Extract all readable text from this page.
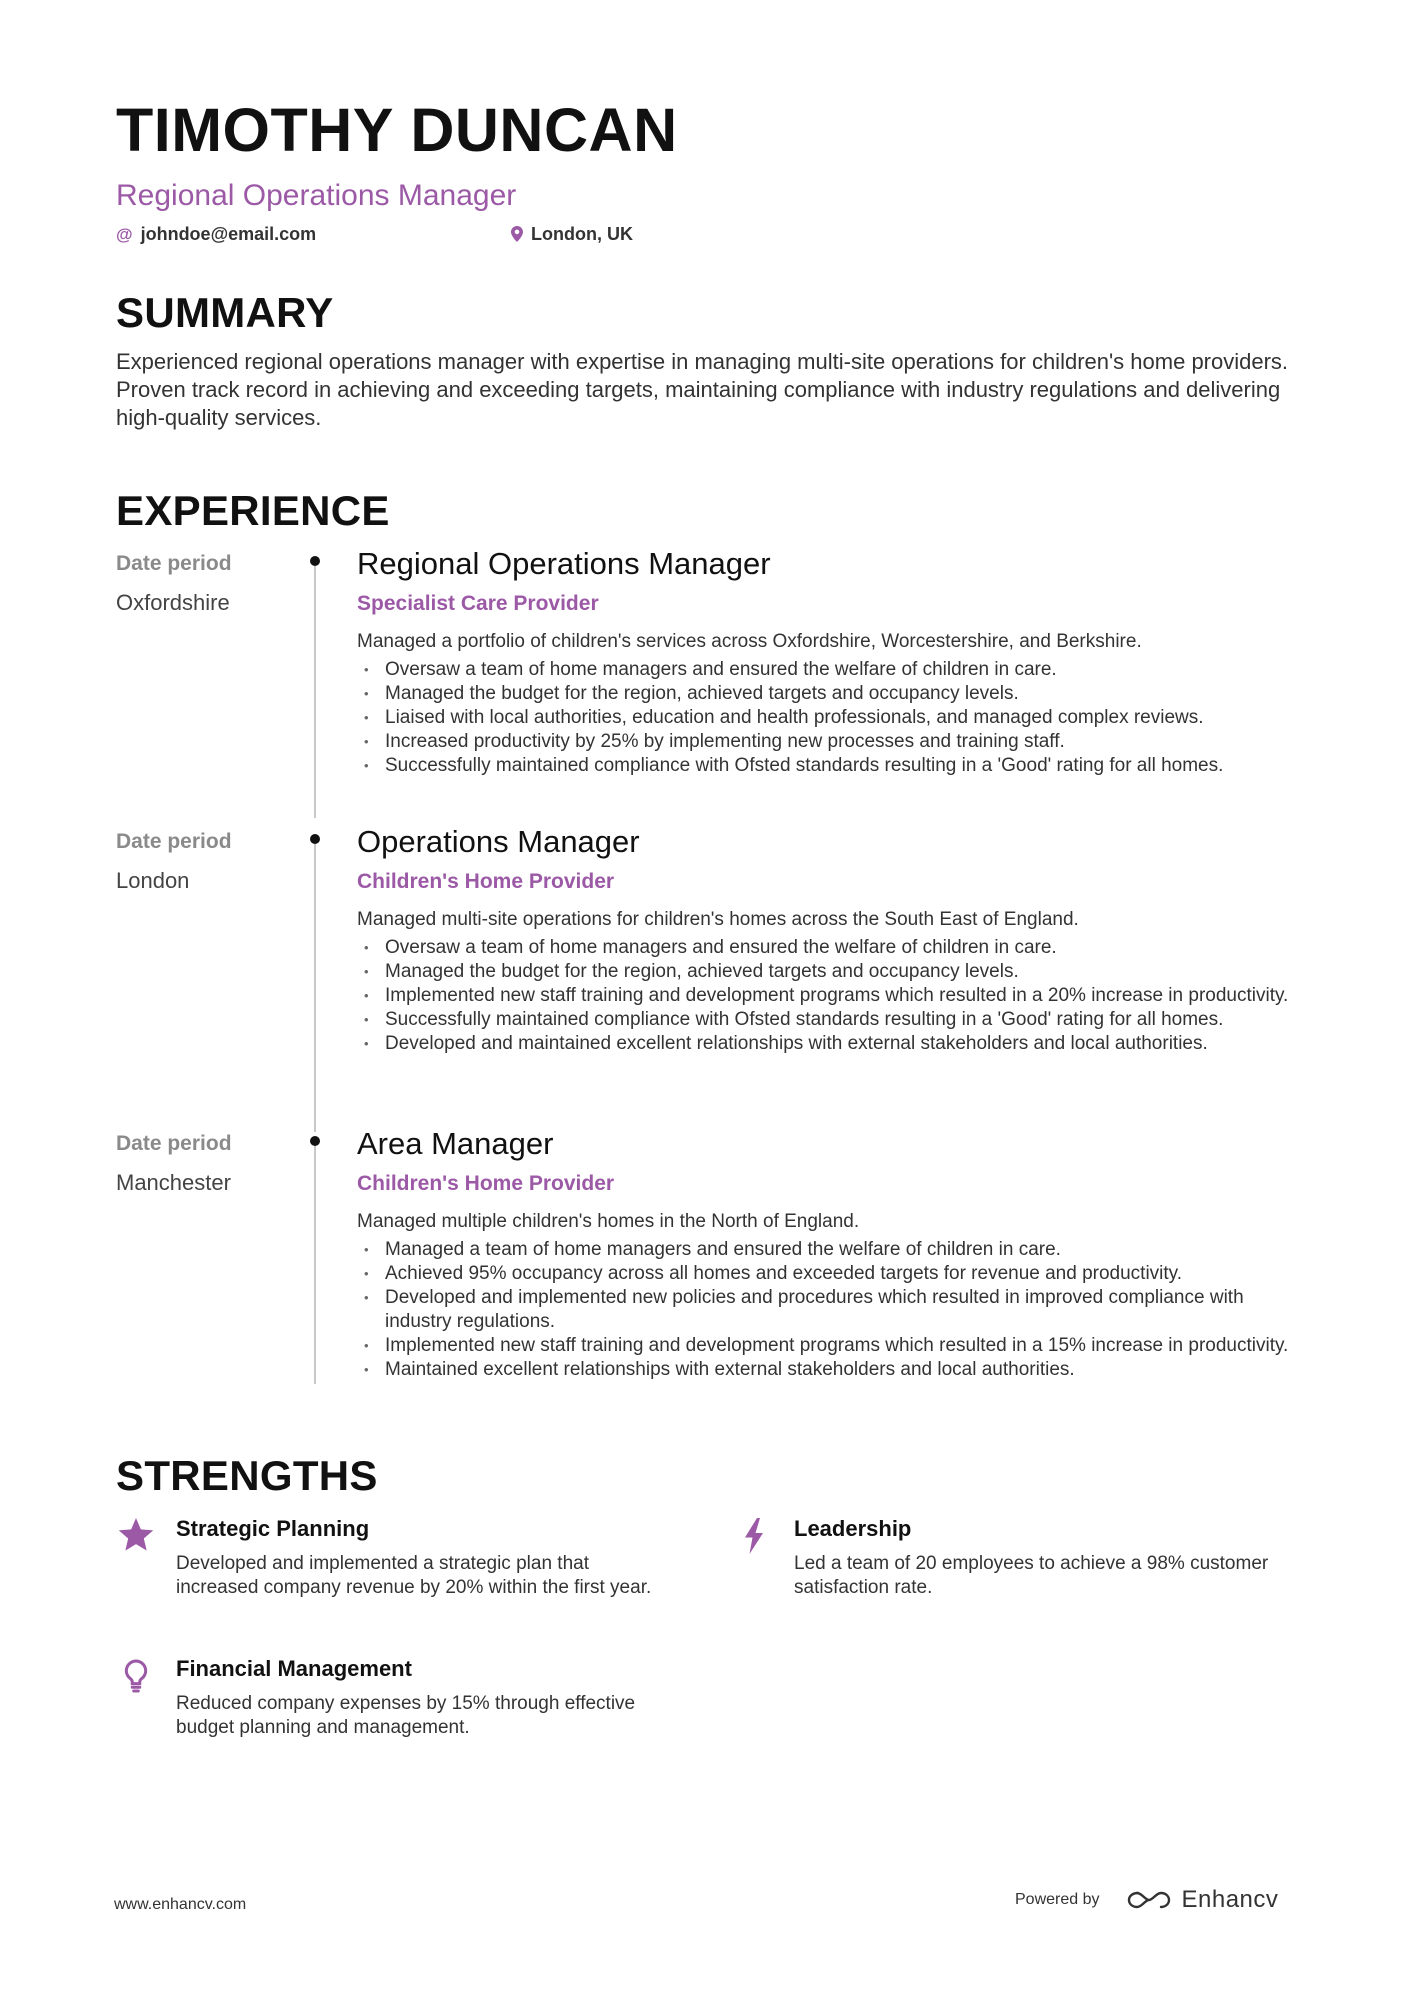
TIMOTHY DUNCAN
Regional Operations Manager
@ johndoe@email.com	London, UK
SUMMARY
Experienced regional operations manager with expertise in managing multi-site operations for children's home providers. Proven track record in achieving and exceeding targets, maintaining compliance with industry regulations and delivering high-quality services.
EXPERIENCE
Date period
Oxfordshire
Regional Operations Manager
Specialist Care Provider
Managed a portfolio of children's services across Oxfordshire, Worcestershire, and Berkshire.
• Oversaw a team of home managers and ensured the welfare of children in care.
• Managed the budget for the region, achieved targets and occupancy levels.
• Liaised with local authorities, education and health professionals, and managed complex reviews.
• Increased productivity by 25% by implementing new processes and training staff.
• Successfully maintained compliance with Ofsted standards resulting in a 'Good' rating for all homes.
Date period
London
Operations Manager
Children's Home Provider
Managed multi-site operations for children's homes across the South East of England.
• Oversaw a team of home managers and ensured the welfare of children in care.
• Managed the budget for the region, achieved targets and occupancy levels.
• Implemented new staff training and development programs which resulted in a 20% increase in productivity.
• Successfully maintained compliance with Ofsted standards resulting in a 'Good' rating for all homes.
• Developed and maintained excellent relationships with external stakeholders and local authorities.
Date period
Manchester
Area Manager
Children's Home Provider
Managed multiple children's homes in the North of England.
• Managed a team of home managers and ensured the welfare of children in care.
• Achieved 95% occupancy across all homes and exceeded targets for revenue and productivity.
• Developed and implemented new policies and procedures which resulted in improved compliance with industry regulations.
• Implemented new staff training and development programs which resulted in a 15% increase in productivity.
• Maintained excellent relationships with external stakeholders and local authorities.
STRENGTHS
Strategic Planning
Developed and implemented a strategic plan that increased company revenue by 20% within the first year.
Leadership
Led a team of 20 employees to achieve a 98% customer satisfaction rate.
Financial Management
Reduced company expenses by 15% through effective budget planning and management.
www.enhancv.com	Powered by	Enhancv
